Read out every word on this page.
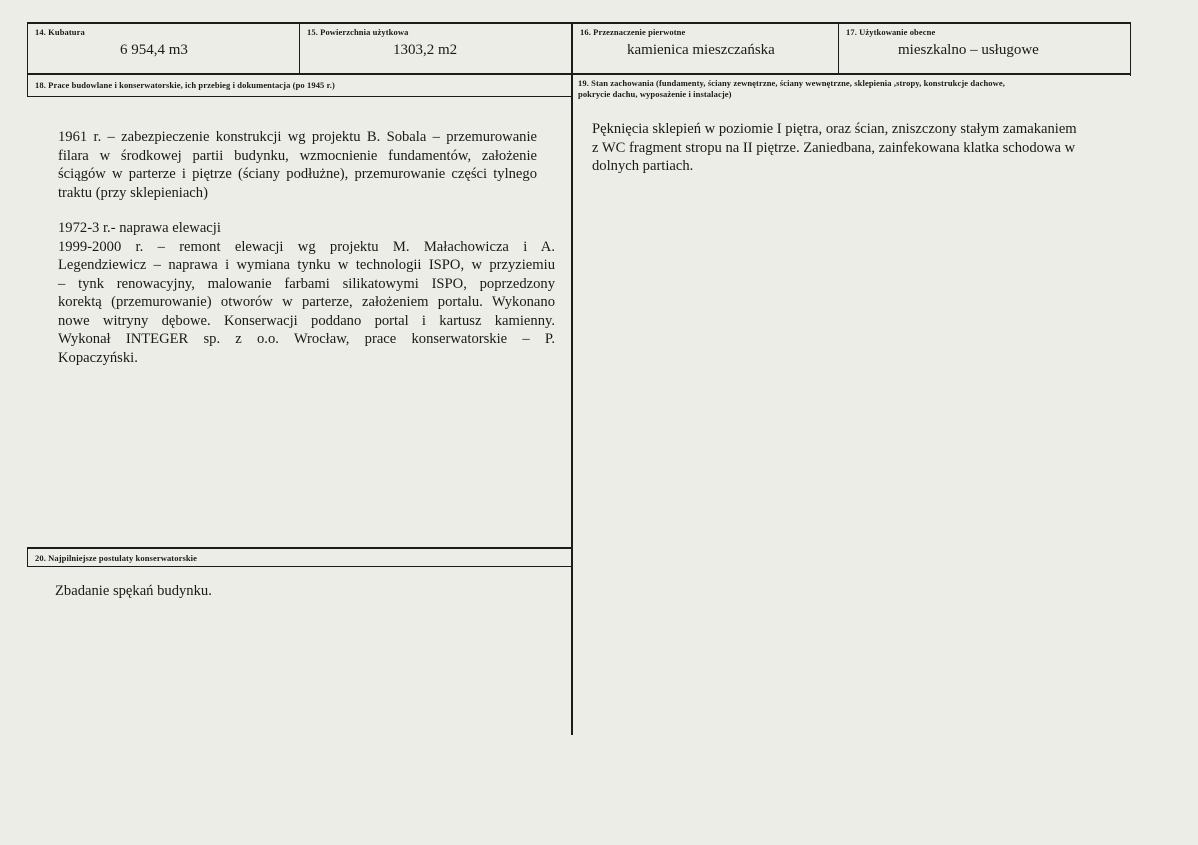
14. Kubatura
6 954,4 m3
15. Powierzchnia użytkowa
1303,2 m2
16. Przeznaczenie pierwotne
kamienica mieszczańska
17. Użytkowanie obecne
mieszkalno – usługowe
18. Prace budowlane i konserwatorskie, ich przebieg i dokumentacja (po 1945 r.)

1961 r. – zabezpieczenie konstrukcji wg projektu B. Sobala – przemurowanie

filara w środkowej partii budynku, wzmocnienie fundamentów, założenie

ściągów w parterze i piętrze (ściany podłużne), przemurowanie części tylnego

traktu (przy sklepieniach)

1972-3 r.- naprawa elewacji

1999-2000 r. – remont elewacji wg projektu M. Małachowicza i A.

Legendziewicz – naprawa i wymiana tynku w technologii ISPO, w przyziemiu

– tynk renowacyjny, malowanie farbami silikatowymi ISPO, poprzedzony

korektą (przemurowanie) otworów w parterze, założeniem portalu. Wykonano

nowe witryny dębowe. Konserwacji poddano portal i kartusz kamienny.

Wykonał INTEGER sp. z o.o. Wrocław, prace konserwatorskie – P.

Kopaczyński.

19. Stan zachowania (fundamenty, ściany zewnętrzne, ściany wewnętrzne, sklepienia ,stropy, konstrukcje dachowe,
pokrycie dachu, wyposażenie i instalacje)

Pęknięcia sklepień w poziomie I piętra, oraz ścian, zniszczony stałym zamakaniem

z WC fragment stropu na II piętrze. Zaniedbana, zainfekowana klatka schodowa w

dolnych partiach.

20. Najpilniejsze postulaty konserwatorskie
Zbadanie spękań budynku.
